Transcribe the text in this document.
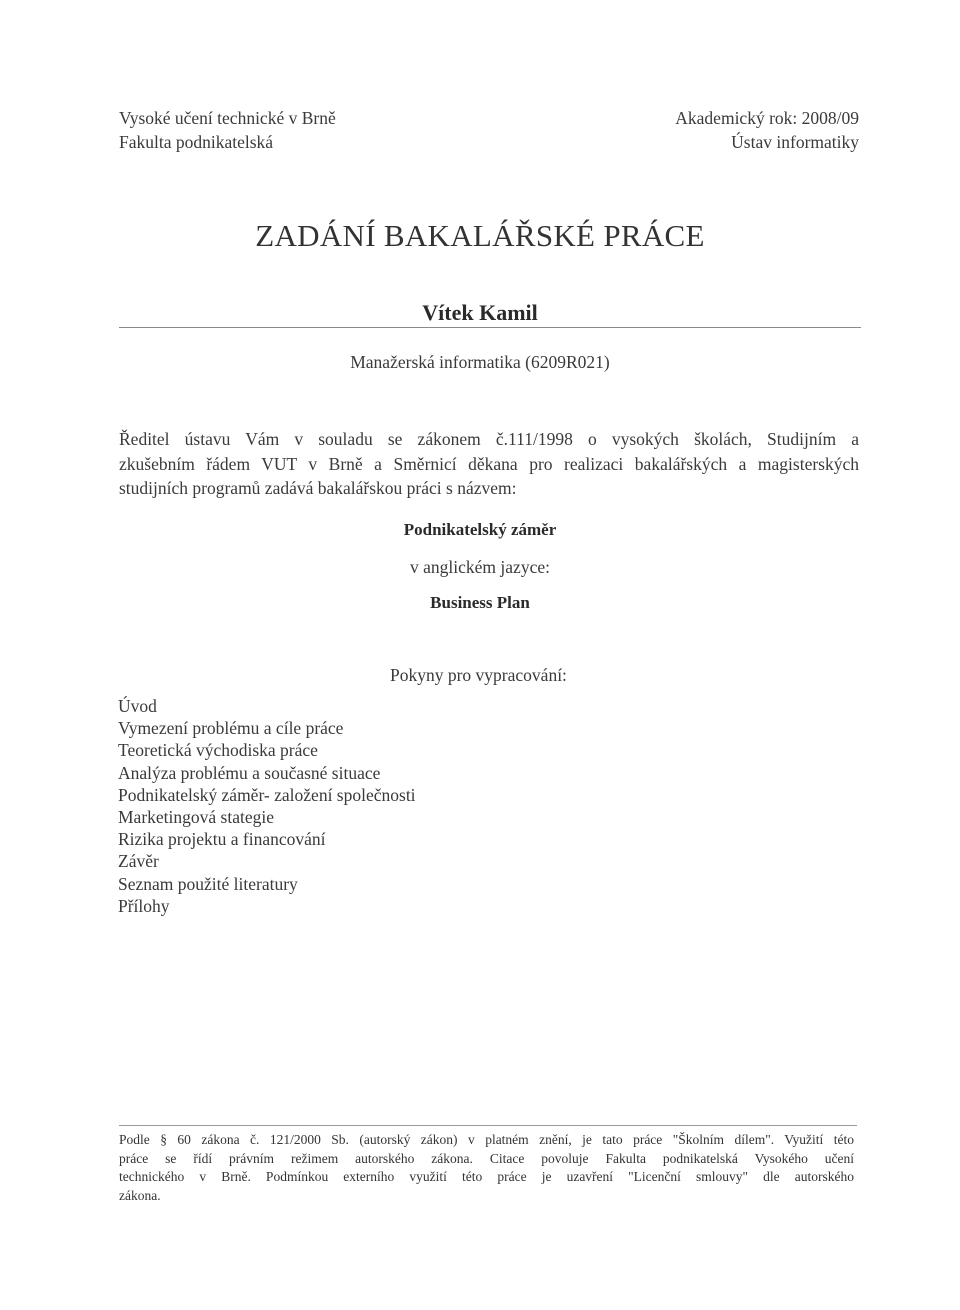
Vysoké učení technické v Brně
Fakulta podnikatelská
Akademický rok: 2008/09
Ústav informatiky
ZADÁNÍ BAKALÁŘSKÉ PRÁCE
Vítek Kamil
Manažerská informatika (6209R021)
Ředitel ústavu Vám v souladu se zákonem č.111/1998 o vysokých školách, Studijním a
zkušebním řádem VUT v Brně a Směrnicí děkana pro realizaci bakalářských a magisterských
studijních programů zadává bakalářskou práci s názvem:
Podnikatelský záměr
v anglickém jazyce:
Business Plan
Pokyny pro vypracování:
Úvod
Vymezení problému a cíle práce
Teoretická východiska práce
Analýza problému a současné situace
Podnikatelský záměr- založení společnosti
Marketingová stategie
Rizika projektu a financování
Závěr
Seznam použité literatury
Přílohy
Podle § 60 zákona č. 121/2000 Sb. (autorský zákon) v platném znění, je tato práce "Školním dílem". Využití této
práce se řídí právním režimem autorského zákona. Citace povoluje Fakulta podnikatelská Vysokého učení
technického v Brně. Podmínkou externího využití této práce je uzavření "Licenční smlouvy" dle autorského
zákona.
